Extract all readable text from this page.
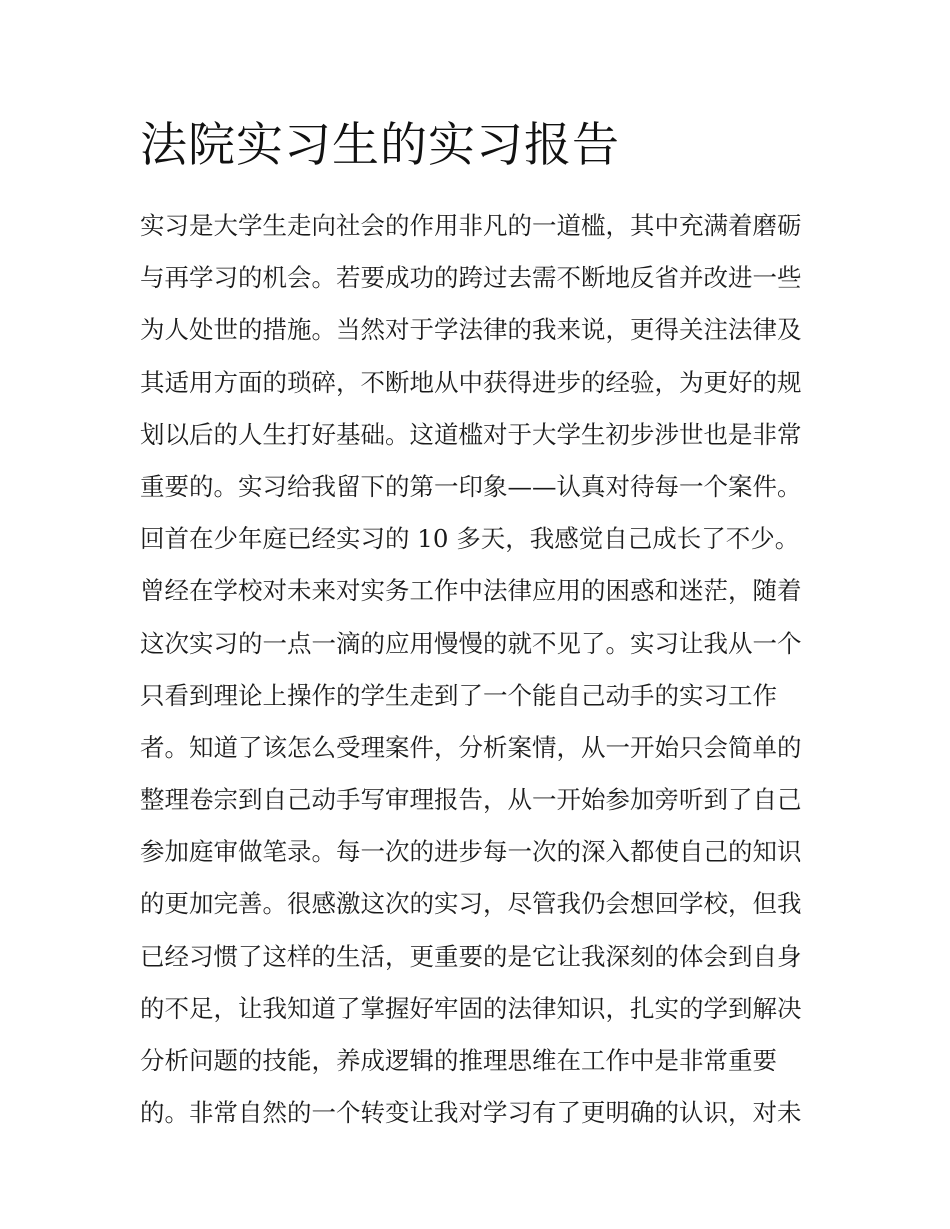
法院实习生的实习报告
实习是大学生走向社会的作用非凡的一道槛，其中充满着磨砺
与再学习的机会。若要成功的跨过去需不断地反省并改进一些
为人处世的措施。当然对于学法律的我来说，更得关注法律及
其适用方面的琐碎，不断地从中获得进步的经验，为更好的规
划以后的人生打好基础。这道槛对于大学生初步涉世也是非常
重要的。实习给我留下的第一印象——认真对待每一个案件。
回首在少年庭已经实习的 10 多天，我感觉自己成长了不少。
曾经在学校对未来对实务工作中法律应用的困惑和迷茫，随着
这次实习的一点一滴的应用慢慢的就不见了。实习让我从一个
只看到理论上操作的学生走到了一个能自己动手的实习工作
者。知道了该怎么受理案件，分析案情，从一开始只会简单的
整理卷宗到自己动手写审理报告，从一开始参加旁听到了自己
参加庭审做笔录。每一次的进步每一次的深入都使自己的知识
的更加完善。很感激这次的实习，尽管我仍会想回学校，但我
已经习惯了这样的生活，更重要的是它让我深刻的体会到自身
的不足，让我知道了掌握好牢固的法律知识，扎实的学到解决
分析问题的技能，养成逻辑的推理思维在工作中是非常重要
的。非常自然的一个转变让我对学习有了更明确的认识，对未
